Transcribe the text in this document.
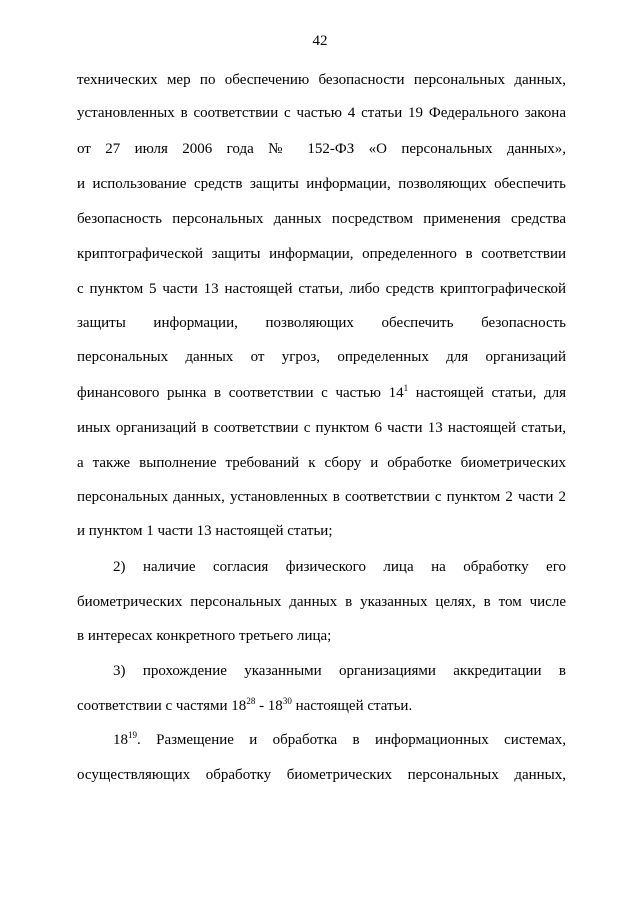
42
технических мер по обеспечению безопасности персональных данных,
установленных в соответствии с частью 4 статьи 19 Федерального закона
от 27 июля 2006 года № 152-ФЗ «О персональных данных»,
и использование средств защиты информации, позволяющих обеспечить
безопасность персональных данных посредством применения средства
криптографической защиты информации, определенного в соответствии
с пунктом 5 части 13 настоящей статьи, либо средств криптографической
защиты информации, позволяющих обеспечить безопасность
персональных данных от угроз, определенных для организаций
финансового рынка в соответствии с частью $14^1$ настоящей статьи, для
иных организаций в соответствии с пунктом 6 части 13 настоящей статьи,
а также выполнение требований к сбору и обработке биометрических
персональных данных, установленных в соответствии с пунктом 2 части 2
и пунктом 1 части 13 настоящей статьи;
2) наличие согласия физического лица на обработку его
биометрических персональных данных в указанных целях, в том числе
в интересах конкретного третьего лица;
3) прохождение указанными организациями аккредитации в
соответствии с частями $18^{28} - 18^{30}$ настоящей статьи.
$18^{19}$. Размещение и обработка в информационных системах,
осуществляющих обработку биометрических персональных данных,
